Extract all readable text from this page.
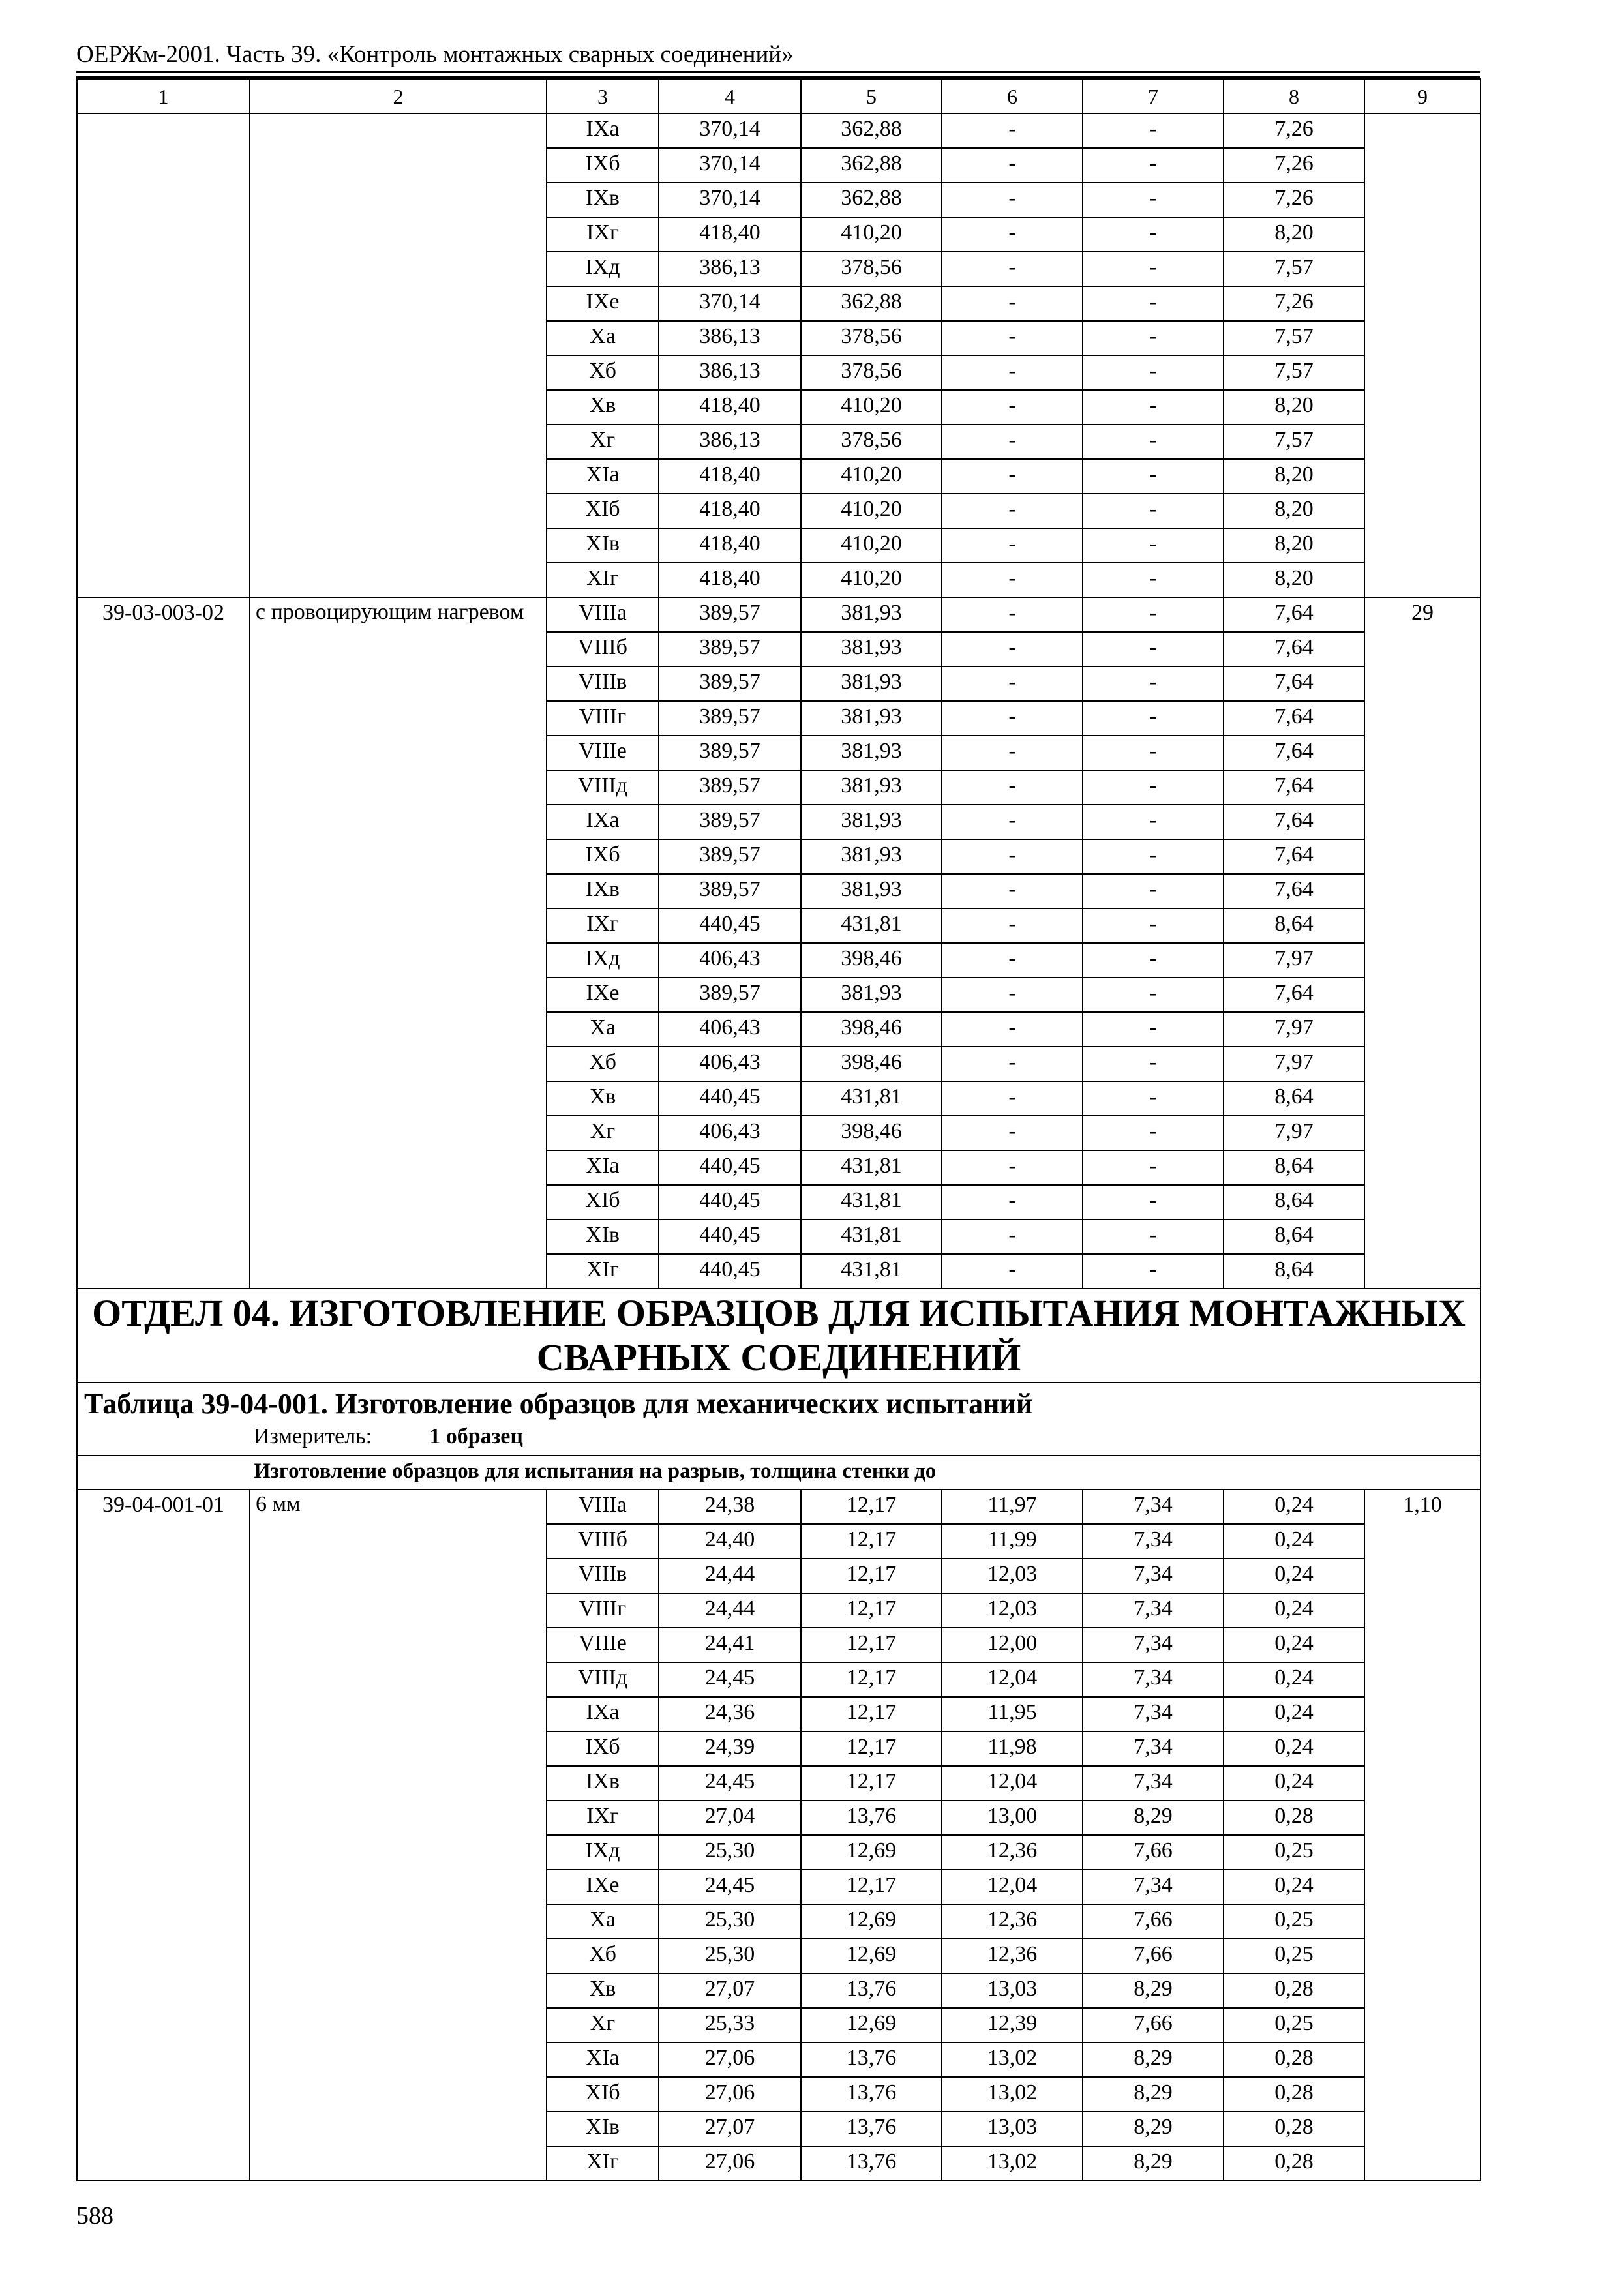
ОЕРЖм-2001. Часть 39. «Контроль монтажных сварных соединений»
1	2	3	4	5	6	7	8	9
		IXа	370,14	362,88	-	-	7,26	
		IXб	370,14	362,88	-	-	7,26	
		IXв	370,14	362,88	-	-	7,26	
		IXг	418,40	410,20	-	-	8,20	
		IXд	386,13	378,56	-	-	7,57	
		IXе	370,14	362,88	-	-	7,26	
		Xа	386,13	378,56	-	-	7,57	
		Xб	386,13	378,56	-	-	7,57	
		Xв	418,40	410,20	-	-	8,20	
		Xг	386,13	378,56	-	-	7,57	
		XIа	418,40	410,20	-	-	8,20	
		XIб	418,40	410,20	-	-	8,20	
		XIв	418,40	410,20	-	-	8,20	
		XIг	418,40	410,20	-	-	8,20	
39-03-003-02	с провоцирующим нагревом	VIIIа	389,57	381,93	-	-	7,64	29
		VIIIб	389,57	381,93	-	-	7,64	
		VIIIв	389,57	381,93	-	-	7,64	
		VIIIг	389,57	381,93	-	-	7,64	
		VIIIе	389,57	381,93	-	-	7,64	
		VIIIд	389,57	381,93	-	-	7,64	
		IXа	389,57	381,93	-	-	7,64	
		IXб	389,57	381,93	-	-	7,64	
		IXв	389,57	381,93	-	-	7,64	
		IXг	440,45	431,81	-	-	8,64	
		IXд	406,43	398,46	-	-	7,97	
		IXе	389,57	381,93	-	-	7,64	
		Xа	406,43	398,46	-	-	7,97	
		Xб	406,43	398,46	-	-	7,97	
		Xв	440,45	431,81	-	-	8,64	
		Xг	406,43	398,46	-	-	7,97	
		XIа	440,45	431,81	-	-	8,64	
		XIб	440,45	431,81	-	-	8,64	
		XIв	440,45	431,81	-	-	8,64	
		XIг	440,45	431,81	-	-	8,64	
ОТДЕЛ 04. ИЗГОТОВЛЕНИЕ ОБРАЗЦОВ ДЛЯ ИСПЫТАНИЯ МОНТАЖНЫХ СВАРНЫХ СОЕДИНЕНИЙ								

Таблица 39-04-001. Изготовление образцов для механических испытаний
Измеритель: 1 образец								

Изготовление образцов для испытания на разрыв, толщина стенки до								
39-04-001-01	6 мм	VIIIа	24,38	12,17	11,97	7,34	0,24	1,10
		VIIIб	24,40	12,17	11,99	7,34	0,24	
		VIIIв	24,44	12,17	12,03	7,34	0,24	
		VIIIг	24,44	12,17	12,03	7,34	0,24	
		VIIIе	24,41	12,17	12,00	7,34	0,24	
		VIIIд	24,45	12,17	12,04	7,34	0,24	
		IXа	24,36	12,17	11,95	7,34	0,24	
		IXб	24,39	12,17	11,98	7,34	0,24	
		IXв	24,45	12,17	12,04	7,34	0,24	
		IXг	27,04	13,76	13,00	8,29	0,28	
		IXд	25,30	12,69	12,36	7,66	0,25	
		IXе	24,45	12,17	12,04	7,34	0,24	
		Xа	25,30	12,69	12,36	7,66	0,25	
		Xб	25,30	12,69	12,36	7,66	0,25	
		Xв	27,07	13,76	13,03	8,29	0,28	
		Xг	25,33	12,69	12,39	7,66	0,25	
		XIа	27,06	13,76	13,02	8,29	0,28	
		XIб	27,06	13,76	13,02	8,29	0,28	
		XIв	27,07	13,76	13,03	8,29	0,28	
		XIг	27,06	13,76	13,02	8,29	0,28	
588
